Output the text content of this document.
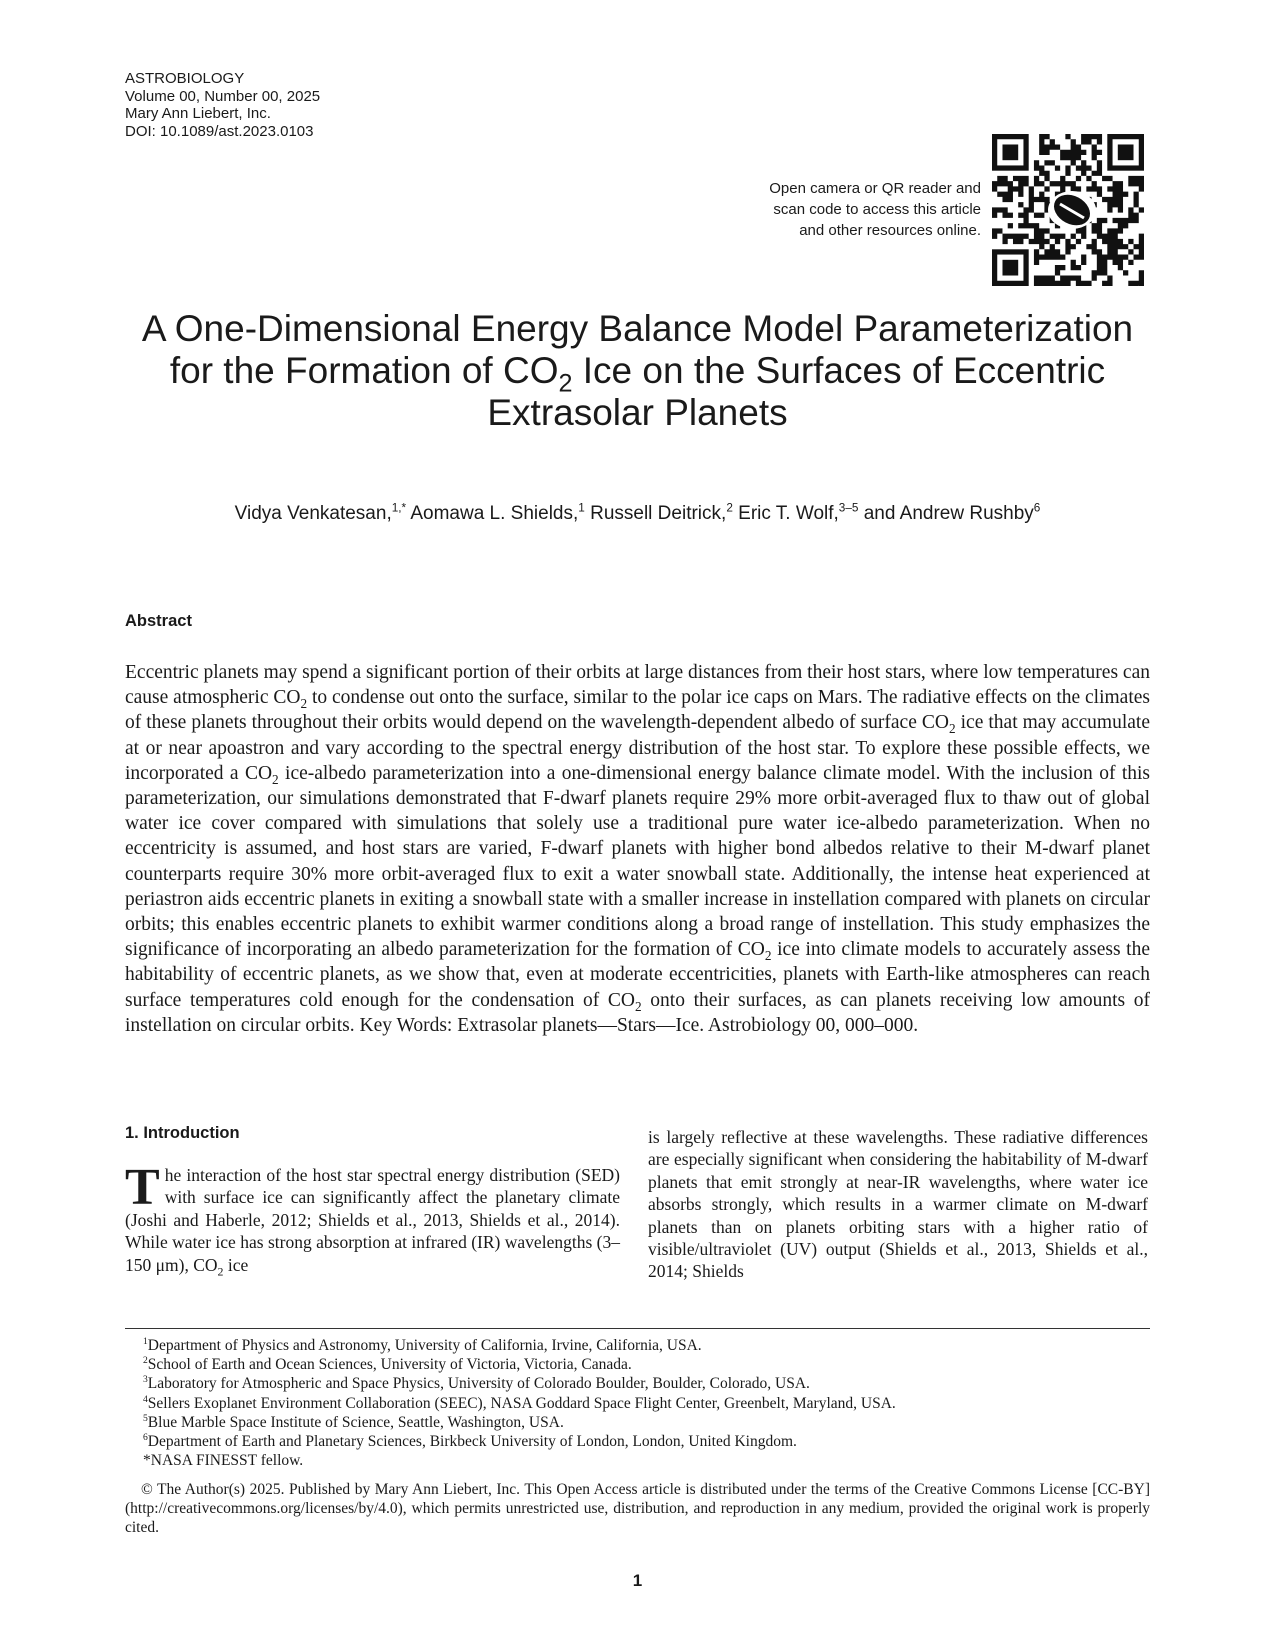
ASTROBIOLOGY
Volume 00, Number 00, 2025
Mary Ann Liebert, Inc.
DOI: 10.1089/ast.2023.0103
Open camera or QR reader and
scan code to access this article
and other resources online.
A One-Dimensional Energy Balance Model Parameterization
for the Formation of $CO_2$ Ice on the Surfaces of Eccentric
Extrasolar Planets
Vidya Venkatesan,$^{1,*}$ Aomawa L. Shields,$^1$ Russell Deitrick,$^2$ Eric T. Wolf,$^{3-5}$ and Andrew Rushby$^6$
Abstract

Eccentric planets may spend a significant portion of their orbits at large distances from their host stars, where low temperatures can cause atmospheric $CO_2$ to condense out onto the surface, similar to the polar ice caps on Mars. The radiative effects on the climates of these planets throughout their orbits would depend on the wavelength-dependent albedo of surface $CO_2$ ice that may accumulate at or near apoastron and vary according to the spectral energy distribution of the host star. To explore these possible effects, we incorporated a $CO_2$ ice-albedo parameterization into a one-dimensional energy balance climate model. With the inclusion of this parameterization, our simulations demonstrated that F-dwarf planets require 29% more orbit-averaged flux to thaw out of global water ice cover compared with simulations that solely use a traditional pure water ice-albedo parameterization. When no eccentricity is assumed, and host stars are varied, F-dwarf planets with higher bond albedos relative to their M-dwarf planet counterparts require 30% more orbit-averaged flux to exit a water snowball state. Additionally, the intense heat experienced at periastron aids eccentric planets in exiting a snowball state with a smaller increase in instellation compared with planets on circular orbits; this enables eccentric planets to exhibit warmer conditions along a broad range of instellation. This study emphasizes the significance of incorporating an albedo parameterization for the formation of $CO_2$ ice into climate models to accurately assess the habitability of eccentric planets, as we show that, even at moderate eccentricities, planets with Earth-like atmospheres can reach surface temperatures cold enough for the condensation of $CO_2$ onto their surfaces, as can planets receiving low amounts of instellation on circular orbits. Key Words: Extrasolar planets—Stars—Ice. Astrobiology 00, 000–000.

1. Introduction

The interaction of the host star spectral energy distribution (SED) with surface ice can significantly affect the planetary climate (Joshi and Haberle, 2012; Shields et al., 2013, Shields et al., 2014). While water ice has strong absorption at infrared (IR) wavelengths (3–150 μm), $CO_2$ ice

is largely reflective at these wavelengths. These radiative differences are especially significant when considering the habitability of M-dwarf planets that emit strongly at near-IR wavelengths, where water ice absorbs strongly, which results in a warmer climate on M-dwarf planets than on planets orbiting stars with a higher ratio of visible/ultraviolet (UV) output (Shields et al., 2013, Shields et al., 2014; Shields

$^1$Department of Physics and Astronomy, University of California, Irvine, California, USA.
$^2$School of Earth and Ocean Sciences, University of Victoria, Victoria, Canada.
$^3$Laboratory for Atmospheric and Space Physics, University of Colorado Boulder, Boulder, Colorado, USA.
$^4$Sellers Exoplanet Environment Collaboration (SEEC), NASA Goddard Space Flight Center, Greenbelt, Maryland, USA.
$^5$Blue Marble Space Institute of Science, Seattle, Washington, USA.
$^6$Department of Earth and Planetary Sciences, Birkbeck University of London, London, United Kingdom.
*NASA FINESST fellow.

© The Author(s) 2025. Published by Mary Ann Liebert, Inc. This Open Access article is distributed under the terms of the Creative Commons License [CC-BY] (http://creativecommons.org/licenses/by/4.0), which permits unrestricted use, distribution, and reproduction in any medium, provided the original work is properly cited.

1
